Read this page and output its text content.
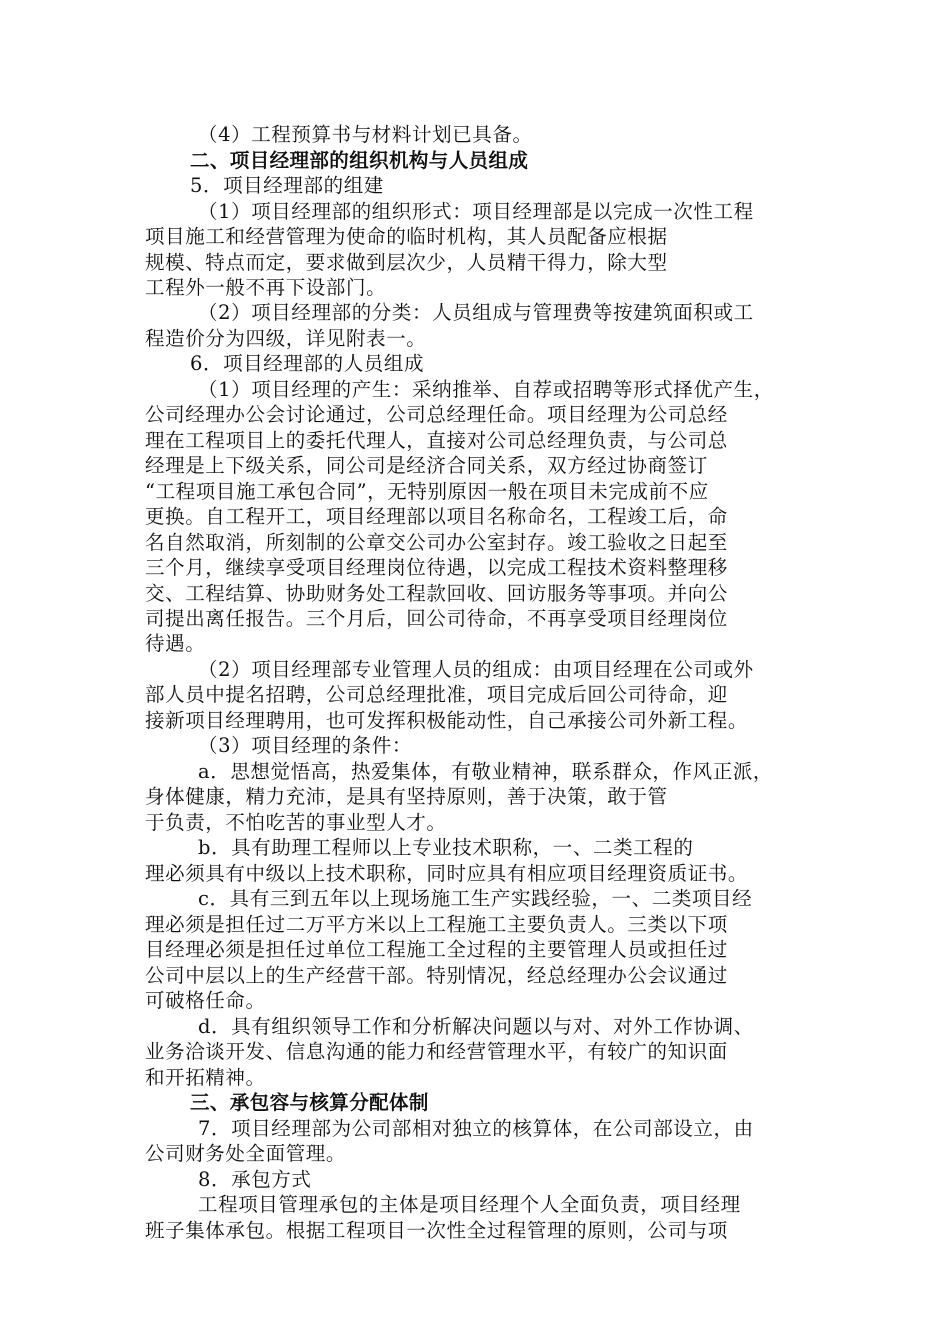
（4）工程预算书与材料计划已具备。
二、项目经理部的组织机构与人员组成
5．项目经理部的组建
（1）项目经理部的组织形式：项目经理部是以完成一次性工程
项目施工和经营管理为使命的临时机构，其人员配备应根据
规模、特点而定，要求做到层次少，人员精干得力，除大型
工程外一般不再下设部门。
（2）项目经理部的分类：人员组成与管理费等按建筑面积或工
程造价分为四级，详见附表一。
6．项目经理部的人员组成
（1）项目经理的产生：采纳推举、自荐或招聘等形式择优产生，
公司经理办公会讨论通过，公司总经理任命。项目经理为公司总经
理在工程项目上的委托代理人，直接对公司总经理负责，与公司总
经理是上下级关系，同公司是经济合同关系，双方经过协商签订
“工程项目施工承包合同”，无特别原因一般在项目未完成前不应
更换。自工程开工，项目经理部以项目名称命名，工程竣工后，命
名自然取消，所刻制的公章交公司办公室封存。竣工验收之日起至
三个月，继续享受项目经理岗位待遇，以完成工程技术资料整理移
交、工程结算、协助财务处工程款回收、回访服务等事项。并向公
司提出离任报告。三个月后，回公司待命，不再享受项目经理岗位
待遇。
（2）项目经理部专业管理人员的组成：由项目经理在公司或外
部人员中提名招聘，公司总经理批准，项目完成后回公司待命，迎
接新项目经理聘用，也可发挥积极能动性，自己承接公司外新工程。
（3）项目经理的条件：
a．思想觉悟高，热爱集体，有敬业精神，联系群众，作风正派，
身体健康，精力充沛，是具有坚持原则，善于决策，敢于管
于负责，不怕吃苦的事业型人才。
b．具有助理工程师以上专业技术职称，一、二类工程的
理必须具有中级以上技术职称，同时应具有相应项目经理资质证书。
c．具有三到五年以上现场施工生产实践经验，一、二类项目经
理必须是担任过二万平方米以上工程施工主要负责人。三类以下项
目经理必须是担任过单位工程施工全过程的主要管理人员或担任过
公司中层以上的生产经营干部。特别情况，经总经理办公会议通过
可破格任命。
d．具有组织领导工作和分析解决问题以与对、对外工作协调、
业务洽谈开发、信息沟通的能力和经营管理水平，有较广的知识面
和开拓精神。
三、承包容与核算分配体制
7．项目经理部为公司部相对独立的核算体，在公司部设立，由
公司财务处全面管理。
8．承包方式
工程项目管理承包的主体是项目经理个人全面负责，项目经理
班子集体承包。根据工程项目一次性全过程管理的原则，公司与项
